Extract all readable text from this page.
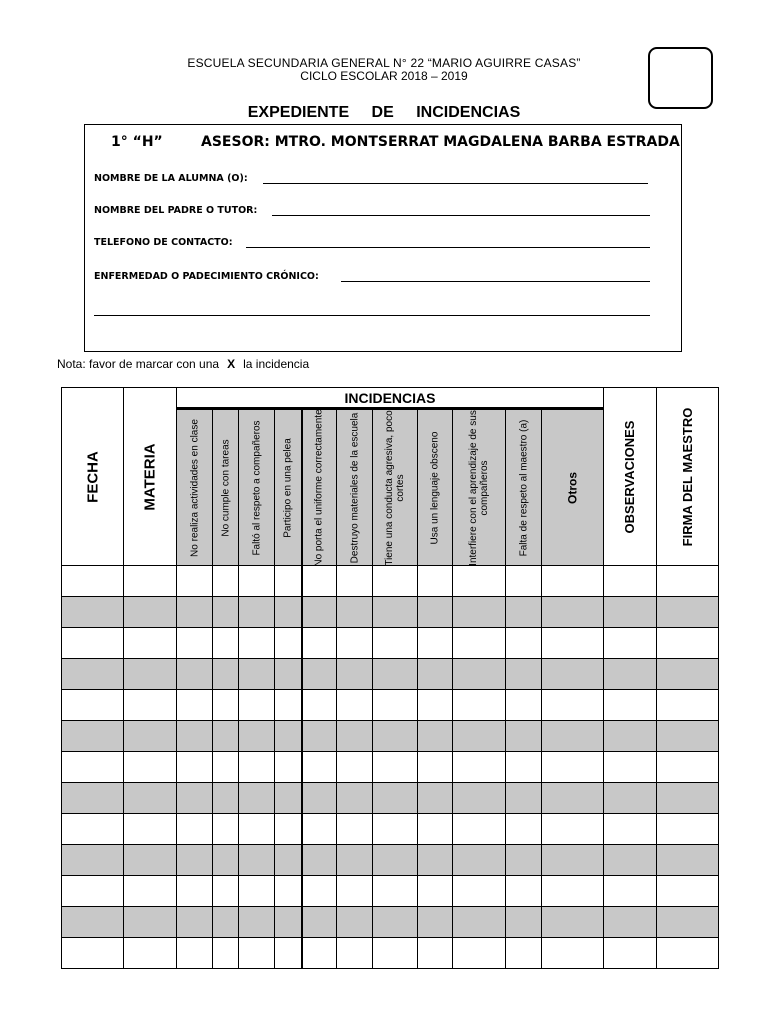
ESCUELA SECUNDARIA GENERAL N° 22 “MARIO AGUIRRE CASAS”
CICLO ESCOLAR 2018 – 2019
EXPEDIENTE DE INCIDENCIAS
1° “H”	ASESOR: MTRO. MONTSERRAT MAGDALENA BARBA ESTRADA
NOMBRE DE LA ALUMNA (O):
NOMBRE DEL PADRE O TUTOR:
TELEFONO DE CONTACTO:
ENFERMEDAD O PADECIMIENTO CRÓNICO:
Nota: favor de marcar con una X la incidencia
FECHA	MATERIA	INCIDENCIAS											OBSERVACIONES	FIRMA DEL MAESTRO

		No realiza actividades en clase	No cumple con tareas	Faltó al respeto a compañeros	Participo en una pelea	No porta el uniforme correctamente	Destruyo materiales de la escuela	Tiene una conducta agresiva, poco cortes	Usa un lenguaje obsceno	Interfiere con el aprendizaje de sus compañeros	Falta de respeto al maestro (a)	Otros		
